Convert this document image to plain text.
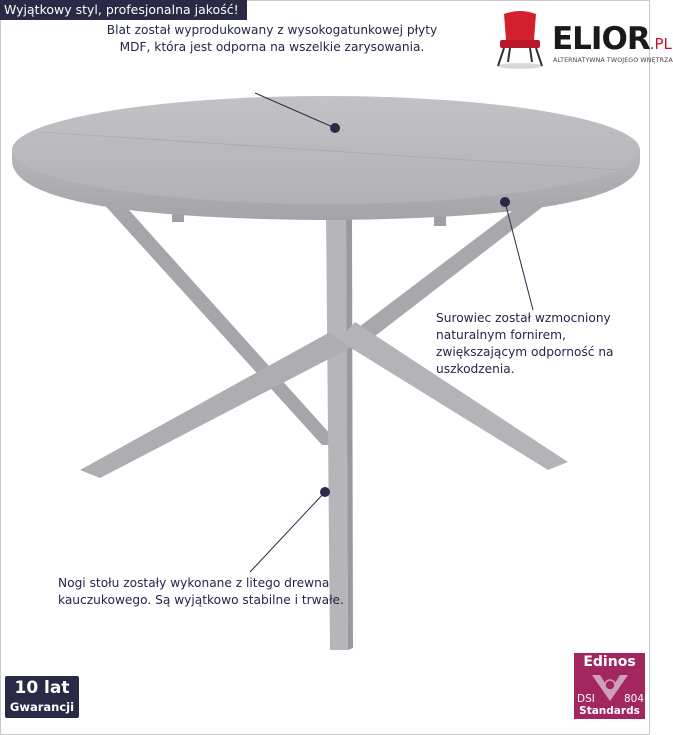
Wyjątkowy styl, profesjonalna jakość!
ELIOR.PL
ALTERNATYWNA TWOJEGO WNĘTRZA
Blat został wyprodukowany z wysokogatunkowej płyty MDF, która jest odporna na wszelkie zarysowania.
Surowiec został wzmocniony naturalnym fornirem, zwiększającym odporność na uszkodzenia.
Nogi stołu zostały wykonane z litego drewna kauczukowego. Są wyjątkowo stabilne i trwałe.
10 lat
Gwarancji
Edinos
DSI	804
Standards
